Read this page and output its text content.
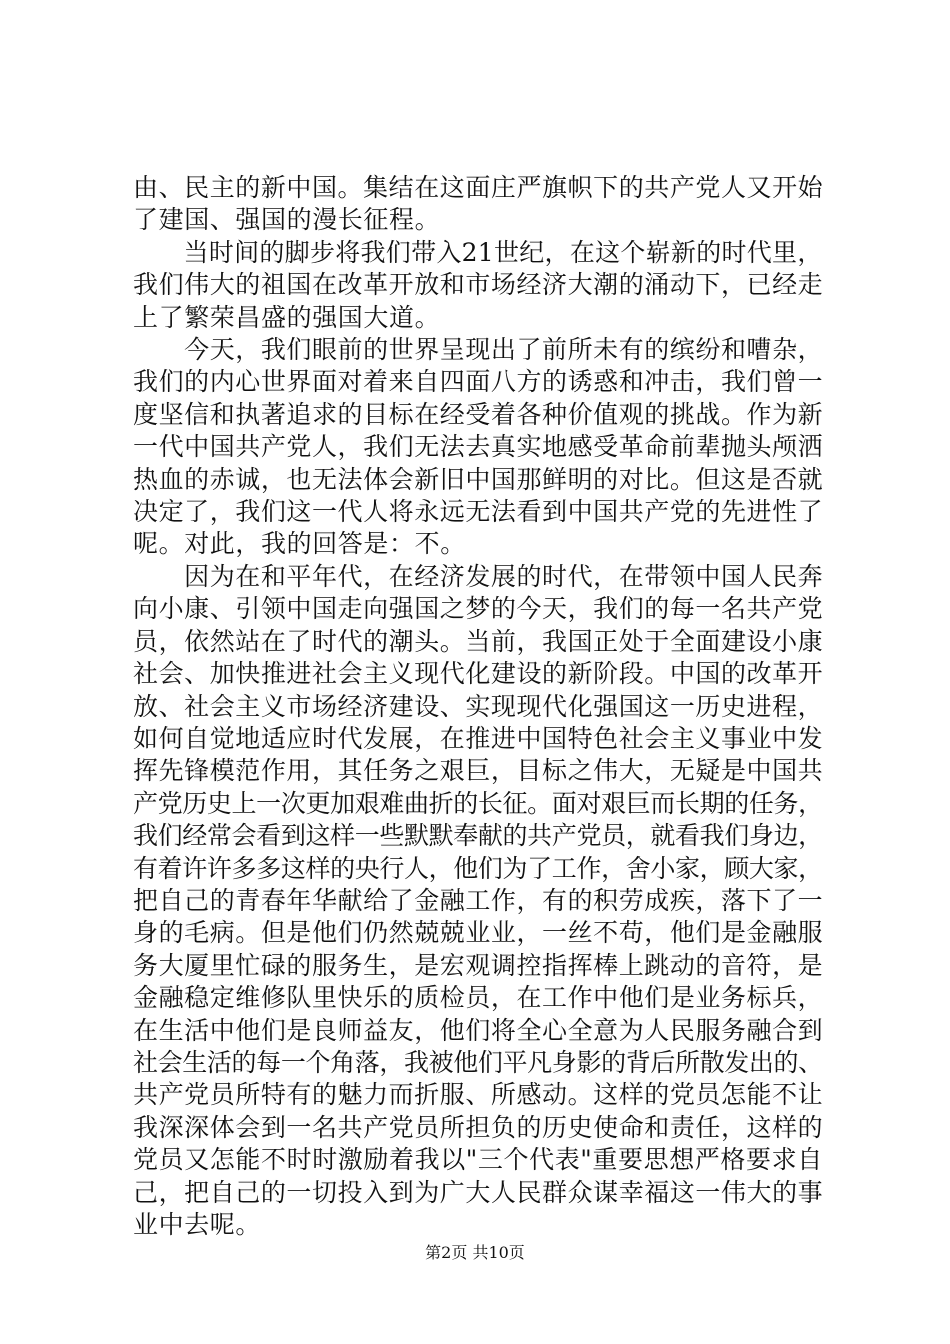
由、民主的新中国。集结在这面庄严旗帜下的共产党人又开始
了建国、强国的漫长征程。
　　当时间的脚步将我们带入21世纪，在这个崭新的时代里，
我们伟大的祖国在改革开放和市场经济大潮的涌动下，已经走
上了繁荣昌盛的强国大道。
　　今天，我们眼前的世界呈现出了前所未有的缤纷和嘈杂，
我们的内心世界面对着来自四面八方的诱惑和冲击，我们曾一
度坚信和执著追求的目标在经受着各种价值观的挑战。作为新
一代中国共产党人，我们无法去真实地感受革命前辈抛头颅洒
热血的赤诚，也无法体会新旧中国那鲜明的对比。但这是否就
决定了，我们这一代人将永远无法看到中国共产党的先进性了
呢。对此，我的回答是：不。
　　因为在和平年代，在经济发展的时代，在带领中国人民奔
向小康、引领中国走向强国之梦的今天，我们的每一名共产党
员，依然站在了时代的潮头。当前，我国正处于全面建设小康
社会、加快推进社会主义现代化建设的新阶段。中国的改革开
放、社会主义市场经济建设、实现现代化强国这一历史进程，
如何自觉地适应时代发展，在推进中国特色社会主义事业中发
挥先锋模范作用，其任务之艰巨，目标之伟大，无疑是中国共
产党历史上一次更加艰难曲折的长征。面对艰巨而长期的任务，
我们经常会看到这样一些默默奉献的共产党员，就看我们身边，
有着许许多多这样的央行人，他们为了工作，舍小家，顾大家，
把自己的青春年华献给了金融工作，有的积劳成疾，落下了一
身的毛病。但是他们仍然兢兢业业，一丝不苟，他们是金融服
务大厦里忙碌的服务生，是宏观调控指挥棒上跳动的音符，是
金融稳定维修队里快乐的质检员，在工作中他们是业务标兵，
在生活中他们是良师益友，他们将全心全意为人民服务融合到
社会生活的每一个角落，我被他们平凡身影的背后所散发出的、
共产党员所特有的魅力而折服、所感动。这样的党员怎能不让
我深深体会到一名共产党员所担负的历史使命和责任，这样的
党员又怎能不时时激励着我以"三个代表"重要思想严格要求自
己，把自己的一切投入到为广大人民群众谋幸福这一伟大的事
业中去呢。
第2页 共10页
